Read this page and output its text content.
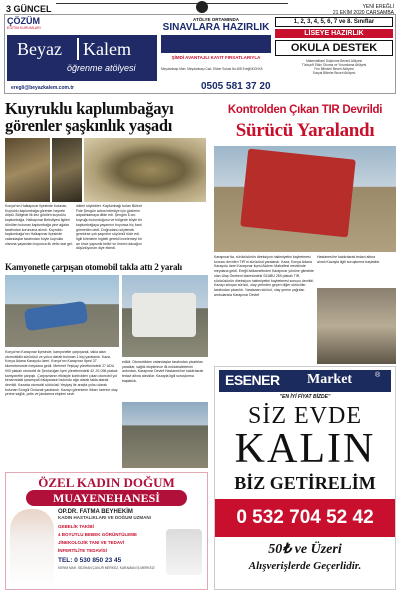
3 GÜNCEL	YENİ EREĞLİ
21 EKİM 2020 ÇARŞAMBA
ÇÖZÜM
EĞİTİM KURUMLARI
Beyaz Kalem
öğrenme atölyesi
eregli@beyazkalem.com.tr
ATÖLYE ORTAMINDA
SINAVLARA HAZIRLIK
ŞİMDİ AVANTAJLI KAYIT FIRSATLARIYLA
Meydanbaşı Mah. Meydanbaşı Cad. Ekber Sokak No:8/B Ereğli/KONYA
0505 581 37 20
1, 2, 3, 4, 5, 6, 7 ve 8. Sınıflar
LİSEYE HAZIRLIK
OKULA DESTEK
Matematiksel Düşünme Becerii Atölyesi
Türkçe/İl Etkin Okuma ve Yorumlama Atölyesi
Fen Bilimleri Beceri Atölyesi
Sosyal Bilimler Beceri Atölyesi
Kuyruklu kaplumbağayı görenler şaşkınlık yaşadı
Konya'nın Halkapınar ilçesinde bulunan, Kuyruklu kaplumbağa görenler hayrete düştü. Bölgede ilk kez görülen kuyruklu kaplumbağa, Halkapınar Belediyesi ilgileri dönülen bulunan kaplumbağa yine ağalar tarafından korunuma alındı. Kuyruklu kaplumbağa'nın Halkapınar ilçesinde vatandaşlar tarafından böyle kuyruklu olanına yaşanılan boyunca ilk defa nazl gel-
dikleri söylediler. Kaplumbağı bulan Bülent Fide Şengün adına belediye için gözlerini adpalmlamaya dilde edi. Şengün 6 cm. kuyruğu bulunduğunu ve bölgede böyle bir kaplumbağaya yaşanırın boyunca hiç bant görmedim dedi. Doğrudanu söylemek gerekirse çok şaşırdım söyümü! tüde edi. İlgili birimlerin ingiteli gereki! incelemeyi bir an önce yapsınki belki! ve önemi olacağını düşünüyorum diye ekledi.
Kamyonetle çarpışan otomobil takla attı 2 yaralı
Konya'nın Karapınar ilçesinde, kamyonetle çarpışarak, takla atan otomobildki sürücüsü ve yolcu olarak bulunan 1 kişi yaralandı. Kaza, Konya Adana Karayolu üzeri, Konya'nın Karapınar İlçesi 37. kilometresinde meydana geldi. Mehmet Yeşiçay yönetimindeki 27 ADU 900 plakalı otomobil ile Şenözüğan İşeri yönetimindeki 42 JG 096 plakalı kamyonetle çarpıştı. Çarpışmanın etkisiyle kontrolden çıkan otomobil yol kenarındaki şarampolü talayarasın bulundu ağa olarak takla atarak devrildi. Kazada otomobil sürücüsü Yeşiçay ile araçta yolcu olarak bulunan Songül Özdurak yaralandı. Kazayı görenlerin ihbarı üzerine olay yerine sağlık, polis ve jandarma ekipleri sevk
edildi. Otomobilden vatandaşlar tarafından çıkartılan yaralılar, sağlık ekiplerince ilk müdahalelerinin ardından, Karapınar Devlet Hastanesi'ne kaldırılarak tedavi altına alındılar. Kazayla ilgili soruşturma başlatıldı.
Kontrolden Çıkan TIR Devrildi
Sürücü Yaralandı
Karapınar'da, sürücüsünün direksiyon hakimiyetini kaybetmesi sonucu devrilen TIR'ın sürücüsü yaralandı. Kaza, Konya Adana Karayolu üzeri Karapınar ilçesi Akören Mahallesi mevkiinde meydana geldi. Ereğli istikametinden Karapınar yönüne gitmekte olan Ulaş Önekeni idaresindeki SZABU 259 plakalı TIR, sürücüsünün direksiyon hakimiyetini kaybetmesi sonucu devrildi. Kazayı sıkışan sürücü, olay yerinden geçen diğer sürücüler tarafından çıkarıldı. Yaralanan sürücü, olay yerine çağrılan ambulansla Karapınar Devlet
Hastanesi'ne kaldırılarak tedavi altına alındı.Kazayla ilgili soruşturma başlatıldı.
ESENER Market	®
"EN İYİ FİYAT BİZDE"
SİZ EVDE
KALIN
BİZ GETİRELİM
0 532 704 52 42
50₺ ve Üzeri
Alışverişlerde Geçerlidir.
ÖZEL KADIN DOĞUM
MUAYENEHANESİ
OP.DR. FATMA BEYHEKİM
KADIN HASTALIKLARI VE DOĞUM UZMANI
GEBELİK TAKİBİ
4 BOYUTLU BEBEK GÖRÜNTÜLEME
JİNEKOLOJİK TANI VE TEDAVİ
İNFERTİLİTE TEDAVİSİ
TEL: 0 530 850 23 45
KERIM MAH. SEZİHAN ÇUKUR MERKEZ, KARAMAN İŞ MERKEZİ
